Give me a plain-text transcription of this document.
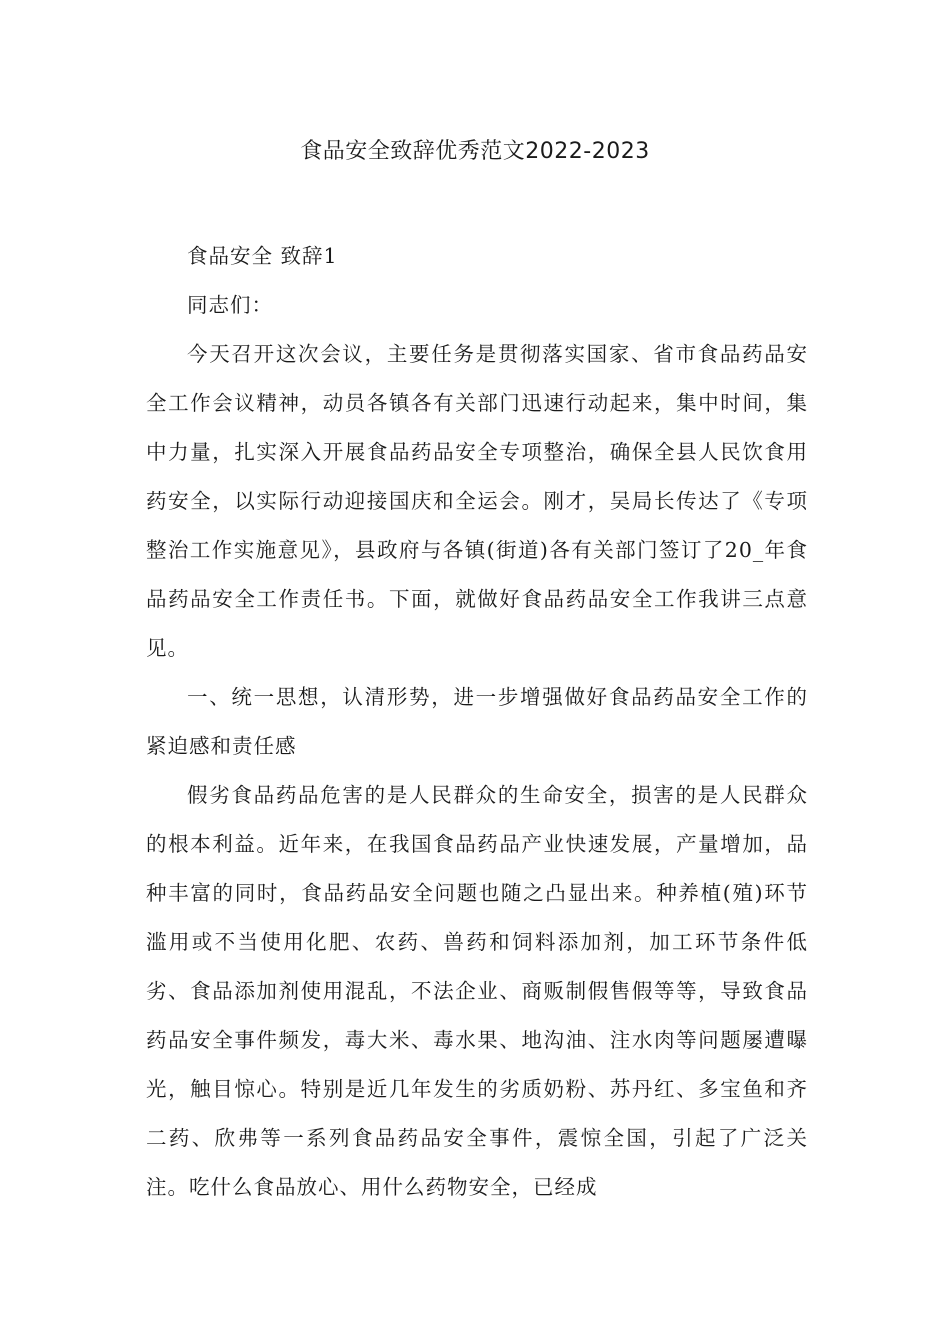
食品安全致辞优秀范文2022-2023

食品安全 致辞1

同志们：

今天召开这次会议，主要任务是贯彻落实国家、省市食品药品安全工作会议精神，动员各镇各有关部门迅速行动起来，集中时间，集中力量，扎实深入开展食品药品安全专项整治，确保全县人民饮食用药安全，以实际行动迎接国庆和全运会。刚才，吴局长传达了《专项整治工作实施意见》，县政府与各镇(街道)各有关部门签订了20_年食品药品安全工作责任书。下面，就做好食品药品安全工作我讲三点意见。

一、统一思想，认清形势，进一步增强做好食品药品安全工作的紧迫感和责任感

假劣食品药品危害的是人民群众的生命安全，损害的是人民群众的根本利益。近年来，在我国食品药品产业快速发展，产量增加，品种丰富的同时，食品药品安全问题也随之凸显出来。种养植(殖)环节滥用或不当使用化肥、农药、兽药和饲料添加剂，加工环节条件低劣、食品添加剂使用混乱，不法企业、商贩制假售假等等，导致食品药品安全事件频发，毒大米、毒水果、地沟油、注水肉等问题屡遭曝光，触目惊心。特别是近几年发生的劣质奶粉、苏丹红、多宝鱼和齐二药、欣弗等一系列食品药品安全事件，震惊全国，引起了广泛关注。吃什么食品放心、用什么药物安全，已经成
